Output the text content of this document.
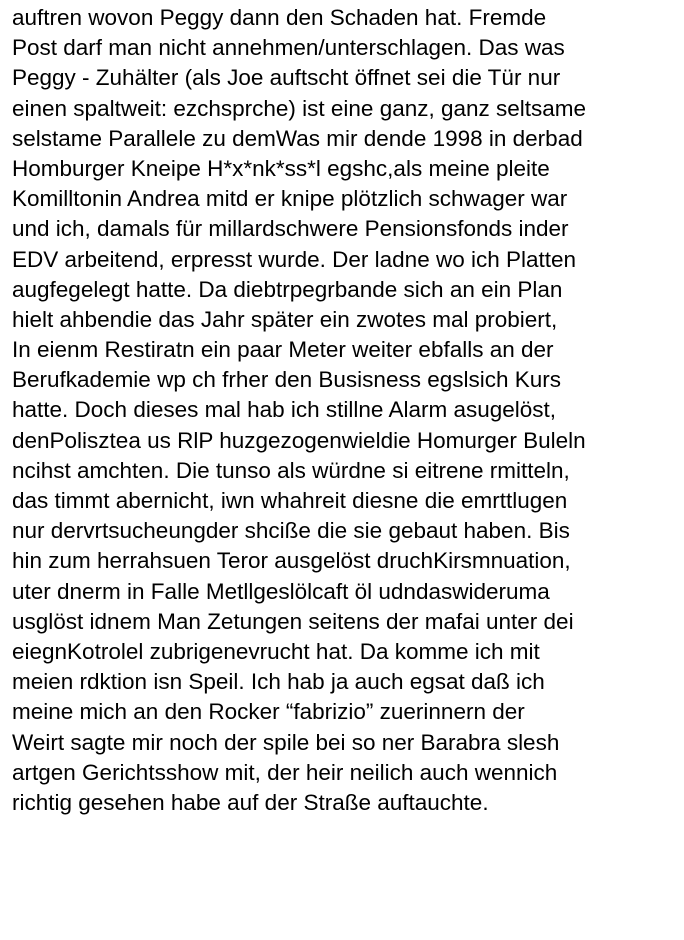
auftren wovon Peggy dann den Schaden hat. Fremde
Post darf man nicht annehmen/unterschlagen. Das was
Peggy - Zuhälter (als Joe auftscht öffnet sei die Tür nur
einen spaltweit: ezchsprche) ist eine ganz, ganz seltsame
selstame Parallele zu demWas mir dende 1998 in derbad
Homburger Kneipe H*x*nk*ss*l egshc,als meine pleite
Komilltonin Andrea mitd er knipe plötzlich schwager war
und ich, damals für millardschwere Pensionsfonds inder
EDV arbeitend, erpresst wurde. Der ladne wo ich Platten
augfegelegt hatte. Da diebtrpegrbande sich an ein Plan
hielt ahbendie das Jahr später ein zwotes mal probiert,
In eienm Restiratn ein paar Meter weiter ebfalls an der
Berufkademie wp ch frher den Busisness egslsich Kurs
hatte. Doch dieses mal hab ich stillne Alarm asugelöst,
denPolisztea us RlP huzgezogenwieldie Homurger Buleln
ncihst amchten. Die tunso als würdne si eitrene rmitteln,
das timmt abernicht, iwn whahreit diesne die emrttlugen
nur dervrtsucheungder shciße die sie gebaut haben. Bis
hin zum herrahsuen Teror ausgelöst druchKirsmnuation,
uter dnerm in Falle Metllgeslölcaft öl udndaswideruma
usglöst idnem Man Zetungen seitens der mafai unter dei
eiegnKotrolel zubrigenevrucht hat. Da komme ich mit
meien rdktion isn Speil. Ich hab ja auch egsat daß ich
meine mich an den Rocker “fabrizio” zuerinnern der
Weirt sagte mir noch der spile bei so ner Barabra slesh
artgen Gerichtsshow mit, der heir neilich auch wennich
richtig gesehen habe auf der Straße auftauchte.
